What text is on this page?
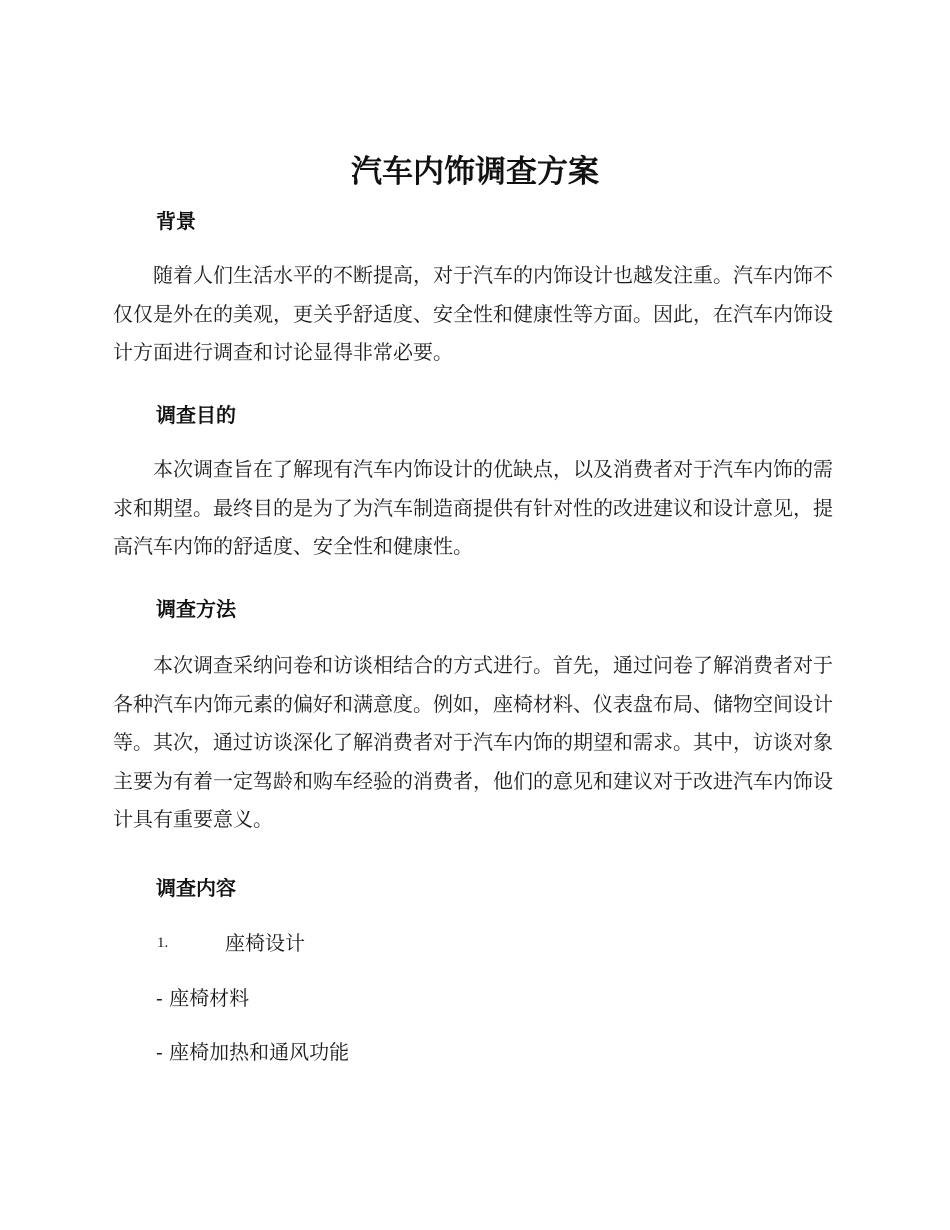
汽车内饰调查方案
背景

随着人们生活水平的不断提高，对于汽车的内饰设计也越发注重。汽车内饰不仅仅是外在的美观，更关乎舒适度、安全性和健康性等方面。因此，在汽车内饰设计方面进行调查和讨论显得非常必要。

调查目的

本次调查旨在了解现有汽车内饰设计的优缺点，以及消费者对于汽车内饰的需求和期望。最终目的是为了为汽车制造商提供有针对性的改进建议和设计意见，提高汽车内饰的舒适度、安全性和健康性。

调查方法

本次调查采纳问卷和访谈相结合的方式进行。首先，通过问卷了解消费者对于各种汽车内饰元素的偏好和满意度。例如，座椅材料、仪表盘布局、储物空间设计等。其次，通过访谈深化了解消费者对于汽车内饰的期望和需求。其中，访谈对象主要为有着一定驾龄和购车经验的消费者，他们的意见和建议对于改进汽车内饰设计具有重要意义。

调查内容
1.	座椅设计

- 座椅材料

- 座椅加热和通风功能
